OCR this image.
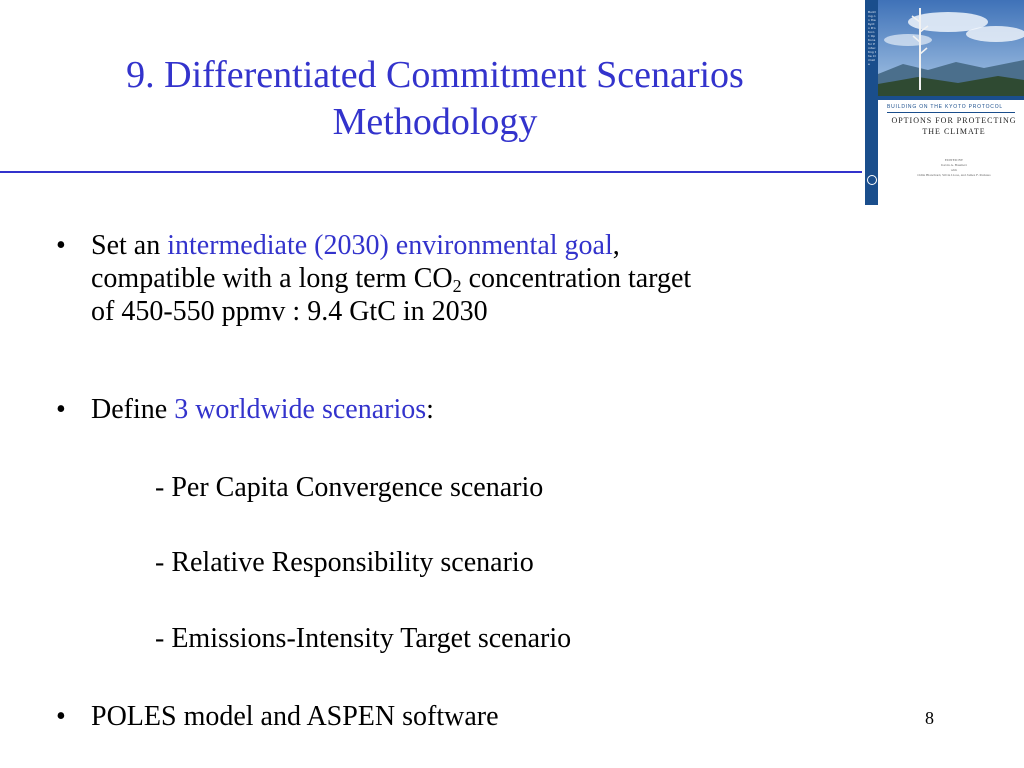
9. Differentiated Commitment Scenarios
Methodology
Building on the Kyoto Protocol: Options for Protecting the Climate
BUILDING ON THE KYOTO PROTOCOL
OPTIONS FOR PROTECTING
THE CLIMATE
EDITED BY
Kevin A. Baumert
with
Odile Blanchard, Silvia Llosa, and James F. Perkaus
• Set an intermediate (2030) environmental goal,
compatible with a long term $CO_2$ concentration target
of 450-550 ppmv : 9.4 GtC in 2030
• Define 3 worldwide scenarios:
- Per Capita Convergence scenario
- Relative Responsibility scenario
- Emissions-Intensity Target scenario
• POLES model and ASPEN software	8
